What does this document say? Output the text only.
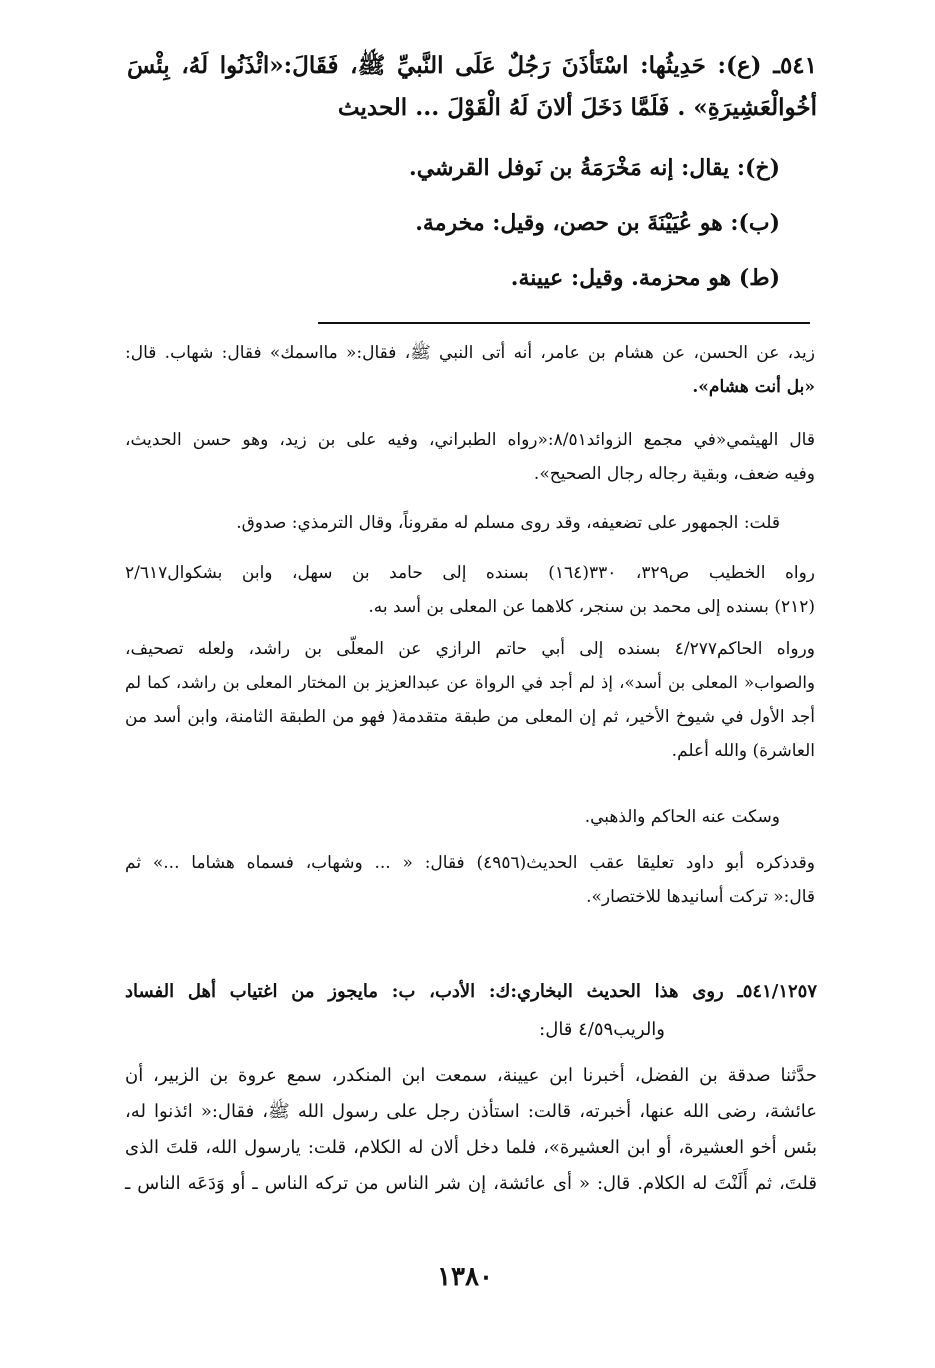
٥٤١ـ (ع): حَدِيثُها: اسْتَأذَنَ رَجُلٌ عَلَى النَّبيِّ ﷺ، فَقَالَ:«ائْذَنُوا لَهُ، بِئْسَ
أخُوالْعَشِيرَةِ» . فَلَمَّا دَخَلَ ألانَ لَهُ الْقَوْلَ ... الحديث
(خ): يقال: إنه مَخْرَمَةُ بن نَوفل القرشي.
(ب): هو عُيَيْنَةَ بن حصن، وقيل: مخرمة.
(ط) هو محزمة. وقيل: عيينة.
زيد، عن الحسن، عن هشام بن عامر، أنه أتى النبي ﷺ، فقال:« مااسمك» فقال: شهاب. قال:
«بل أنت هشام».
قال الهيثمي«في مجمع الزوائد٨/٥١:«رواه الطبراني، وفيه على بن زيد، وهو حسن الحديث،
وفيه ضعف، وبقية رجاله رجال الصحيح».
قلت: الجمهور على تضعيفه، وقد روى مسلم له مقروناً، وقال الترمذي: صدوق.
رواه الخطيب ص٣٢٩، ٣٣٠(١٦٤) بسنده إلى حامد بن سهل، وابن بشكوال٢/٦١٧
(٢١٢) بسنده إلى محمد بن سنجر، كلاهما عن المعلى بن أسد به.
ورواه الحاكم٤/٢٧٧ بسنده إلى أبي حاتم الرازي عن المعلّى بن راشد، ولعله تصحيف،
والصواب« المعلى بن أسد»، إذ لم أجد في الرواة عن عبدالعزيز بن المختار المعلى بن راشد، كما لم
أجد الأول في شيوخ الأخير، ثم إن المعلى من طبقة متقدمة( فهو من الطبقة الثامنة، وابن أسد من
العاشرة) والله أعلم.
وسكت عنه الحاكم والذهبي.
وقدذكره أبو داود تعليقا عقب الحديث(٤٩٥٦) فقال: « ... وشهاب، فسماه هشاما ...» ثم
قال:« تركت أسانيدها للاختصار».
٥٤١/١٢٥٧ـ روى هذا الحديث البخاري:ك: الأدب، ب: مايجوز من اغتياب أهل الفساد
والريب٤/٥٩ قال:
حدَّثنا صدقة بن الفضل، أخبرنا ابن عيينة، سمعت ابن المنكدر، سمع عروة بن الزبير، أن
عائشة، رضى الله عنها، أخبرته، قالت: استأذن رجل على رسول الله ﷺ، فقال:« ائذنوا له،
بئس أخو العشيرة، أو ابن العشيرة»، فلما دخل ألان له الكلام، قلت: يارسول الله، قلتَ الذى
قلتَ، ثم أَلَنْتَ له الكلام. قال: « أى عائشة، إن شر الناس من تركه الناس ـ أو وَدَعَه الناس ـ
١٣٨٠
